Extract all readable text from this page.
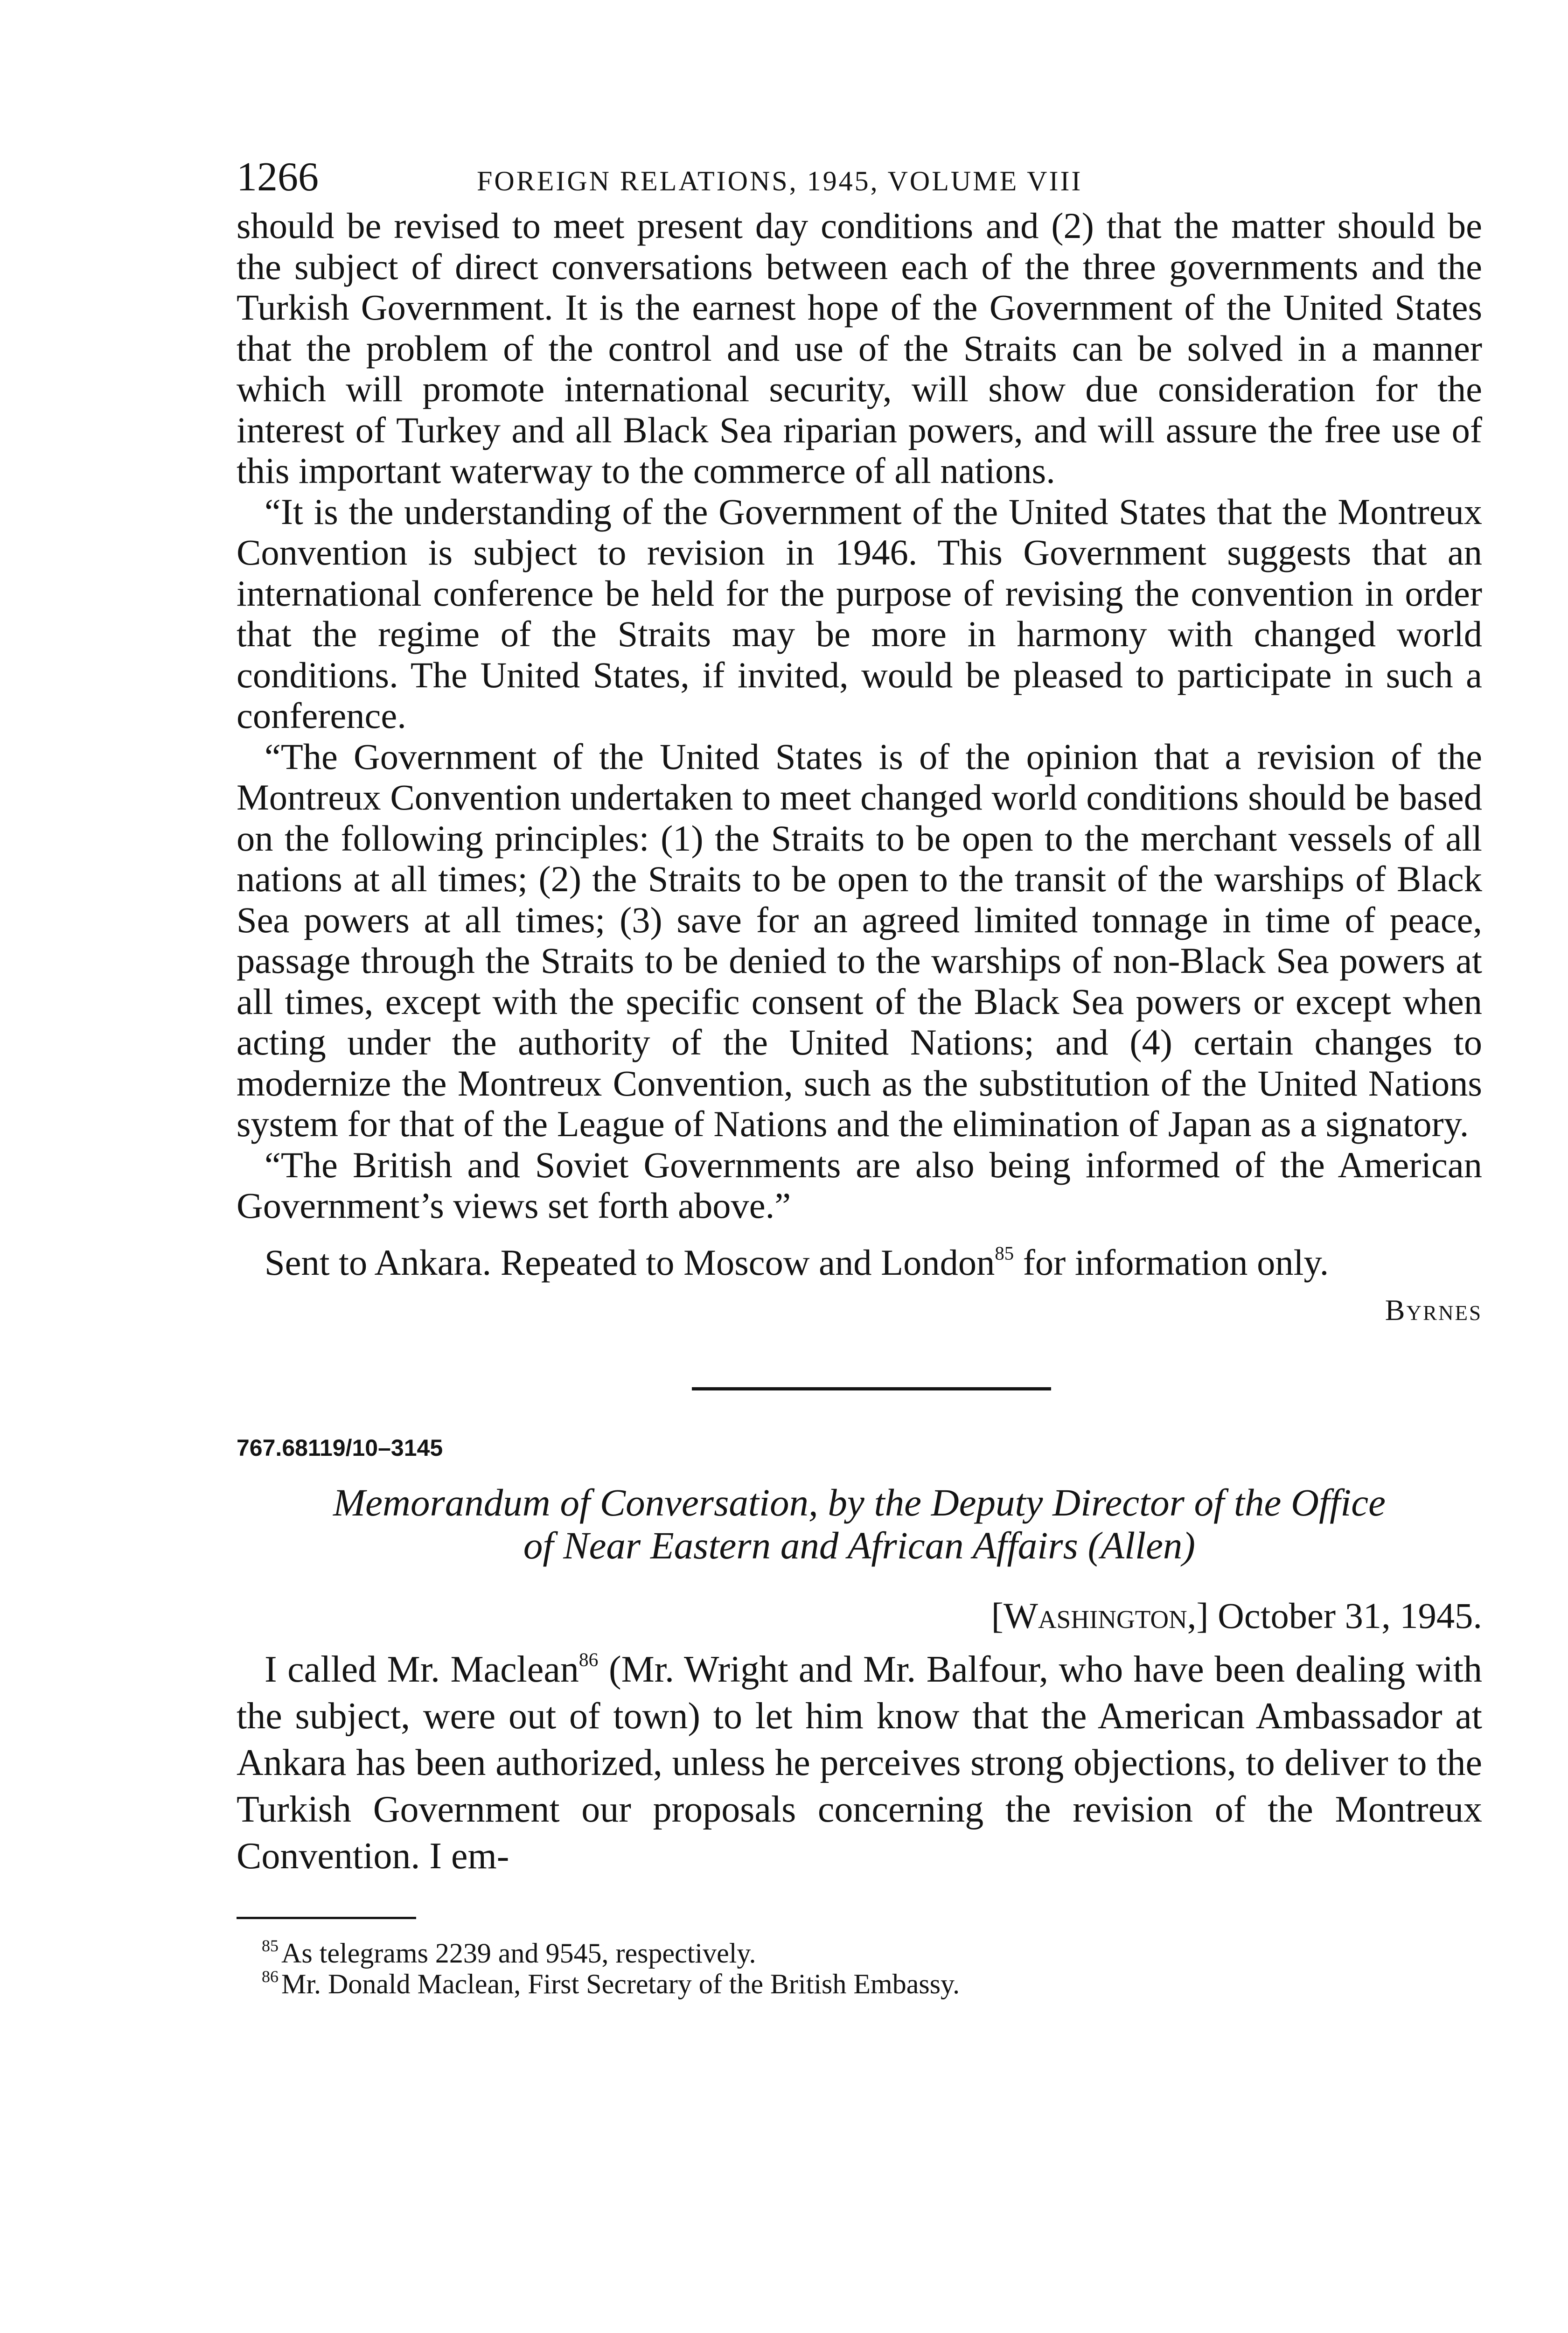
1266	FOREIGN RELATIONS, 1945, VOLUME VIII

should be revised to meet present day conditions and (2) that the matter should be the subject of direct conversations between each of the three governments and the Turkish Government. It is the earnest hope of the Government of the United States that the problem of the control and use of the Straits can be solved in a manner which will promote international security, will show due consideration for the interest of Turkey and all Black Sea riparian powers, and will assure the free use of this important waterway to the commerce of all nations.

“It is the understanding of the Government of the United States that the Montreux Convention is subject to revision in 1946. This Government suggests that an international conference be held for the purpose of revising the convention in order that the regime of the Straits may be more in harmony with changed world conditions. The United States, if invited, would be pleased to participate in such a conference.

“The Government of the United States is of the opinion that a revision of the Montreux Convention undertaken to meet changed world conditions should be based on the following principles: (1) the Straits to be open to the merchant vessels of all nations at all times; (2) the Straits to be open to the transit of the warships of Black Sea powers at all times; (3) save for an agreed limited tonnage in time of peace, passage through the Straits to be denied to the warships of non-Black Sea powers at all times, except with the specific consent of the Black Sea powers or except when acting under the authority of the United Nations; and (4) certain changes to modernize the Montreux Convention, such as the substitution of the United Nations system for that of the League of Nations and the elimination of Japan as a signatory.

“The British and Soviet Governments are also being informed of the American Government’s views set forth above.”

Sent to Ankara. Repeated to Moscow and London$^{85}$ for information only.

Byrnes
767.68119/10–3145
Memorandum of Conversation, by the Deputy Director of the Office
of Near Eastern and African Affairs (Allen)
[Washington,] October 31, 1945.

I called Mr. Maclean$^{86}$ (Mr. Wright and Mr. Balfour, who have been dealing with the subject, were out of town) to let him know that the American Ambassador at Ankara has been authorized, unless he perceives strong objections, to deliver to the Turkish Government our proposals concerning the revision of the Montreux Convention. I em-

$^{85}$ As telegrams 2239 and 9545, respectively.
$^{86}$ Mr. Donald Maclean, First Secretary of the British Embassy.
